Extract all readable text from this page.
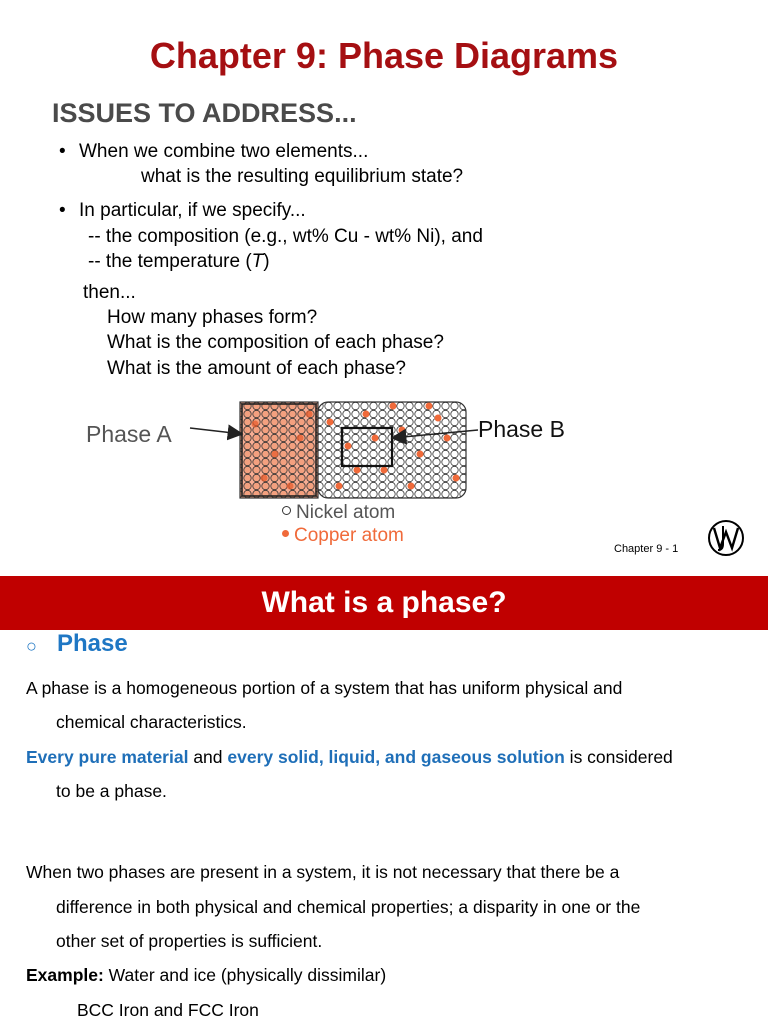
Chapter 9: Phase Diagrams
ISSUES TO ADDRESS...
• When we combine two elements...
what is the resulting equilibrium state?
• In particular, if we specify...
-- the composition (e.g., wt% Cu - wt% Ni), and
-- the temperature (T)
then...
How many phases form?
What is the composition of each phase?
What is the amount of each phase?
Phase A	Phase B
Nickel atom
Copper atom
Chapter 9 - 1
What is a phase?
○ Phase
A phase is a homogeneous portion of a system that has uniform physical and
chemical characteristics.
Every pure material and every solid, liquid, and gaseous solution is considered
to be a phase.
When two phases are present in a system, it is not necessary that there be a
difference in both physical and chemical properties; a disparity in one or the
other set of properties is sufficient.
Example: Water and ice (physically dissimilar)
BCC Iron and FCC Iron
